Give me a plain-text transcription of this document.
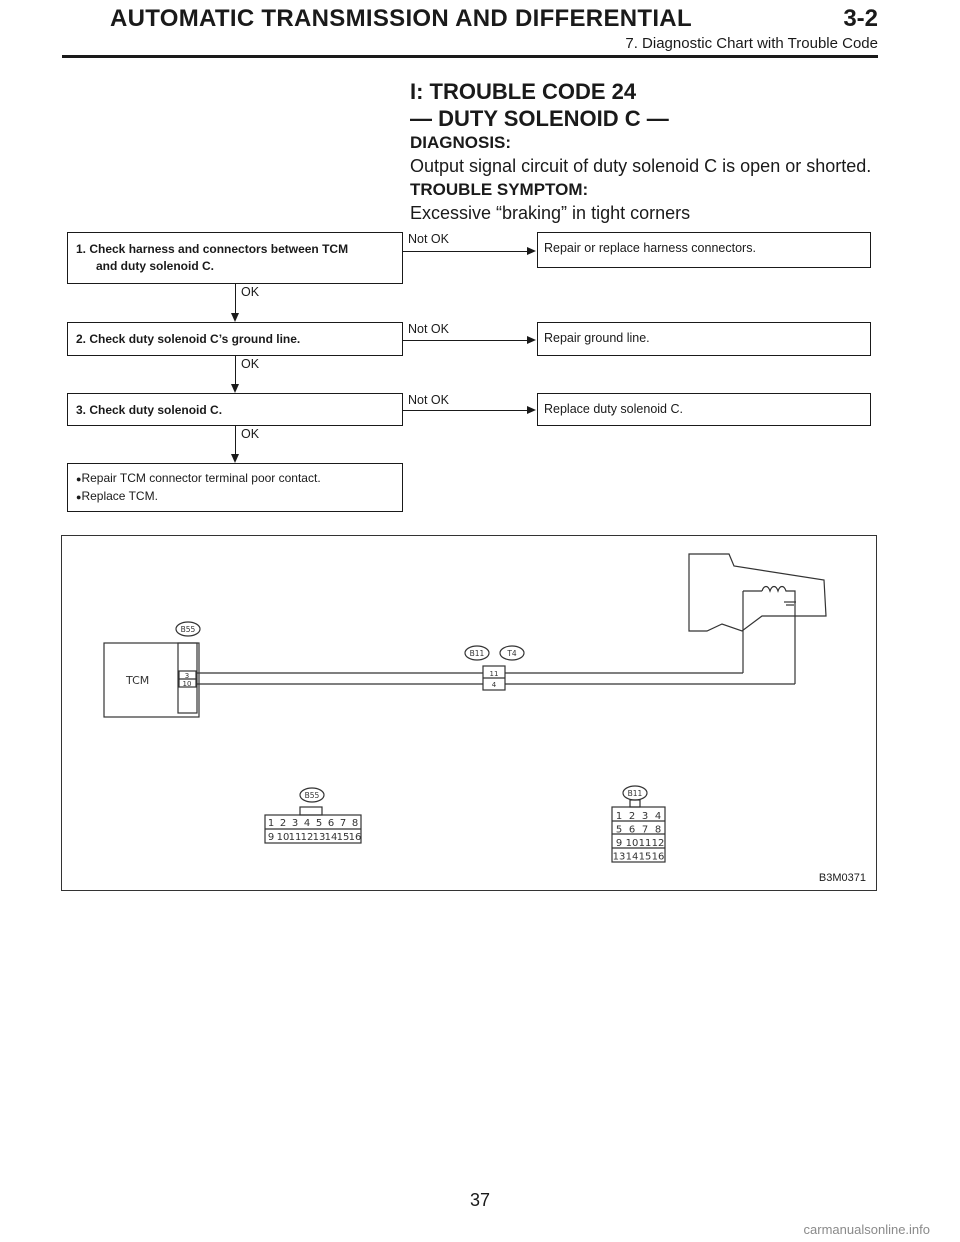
AUTOMATIC TRANSMISSION AND DIFFERENTIAL	3-2
7. Diagnostic Chart with Trouble Code
I: TROUBLE CODE 24
— DUTY SOLENOID C —
DIAGNOSIS:
Output signal circuit of duty solenoid C is open or shorted.
TROUBLE SYMPTOM:
Excessive “braking” in tight corners
1. Check harness and connectors between TCM
and duty solenoid C.
Not OK
Repair or replace harness connectors.
OK
2. Check duty solenoid C’s ground line.
Not OK
Repair ground line.
OK
3. Check duty solenoid C.
Not OK
Replace duty solenoid C.
OK
●Repair TCM connector terminal poor contact.
●Replace TCM.
TCM
B55
B11	T4
B55	B11
3
10
11
4
1 2 3 4 5 6 7 8
9 10 11 12 13 14 15 16
1 2 3 4
5 6 7 8
9 10 11 12
13 14 15 16
B3M0371
37
carmanualsonline.info
